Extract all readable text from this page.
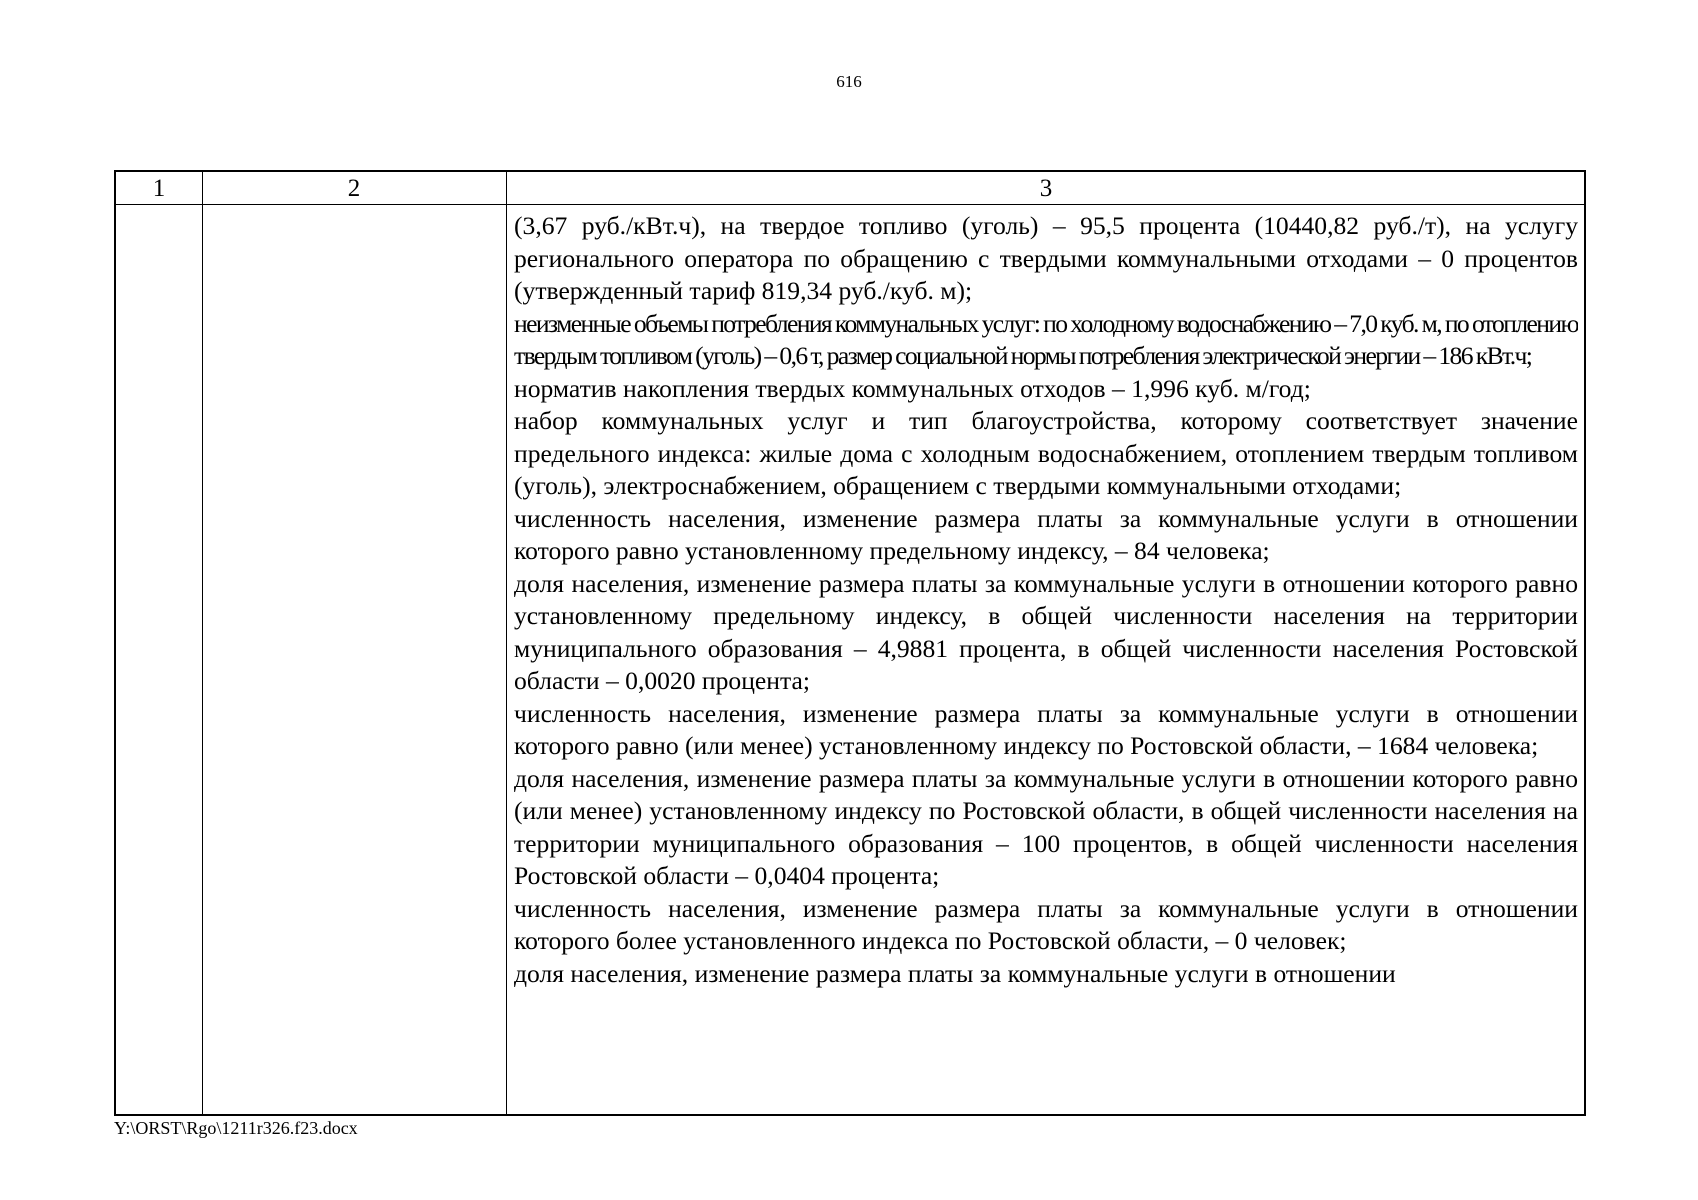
616
1	2	3

(3,67 руб./кВт.ч), на твердое топливо (уголь) – 95,5 процента (10440,82 руб./т), на услугу регионального оператора по обращению с твердыми коммунальными отходами – 0 процентов (утвержденный тариф 819,34 руб./куб. м);

неизменные объемы потребления коммунальных услуг: по холодному водоснабжению – 7,0 куб. м, по отоплению твердым топливом (уголь) – 0,6 т, размер социальной нормы потребления электрической энергии – 186 кВт.ч;

норматив накопления твердых коммунальных отходов – 1,996 куб. м/год;

набор коммунальных услуг и тип благоустройства, которому соответствует значение предельного индекса: жилые дома с холодным водоснабжением, отоплением твердым топливом (уголь), электроснабжением, обращением с твердыми коммунальными отходами;

численность населения, изменение размера платы за коммунальные услуги в отношении которого равно установленному предельному индексу, – 84 человека;

доля населения, изменение размера платы за коммунальные услуги в отношении которого равно установленному предельному индексу, в общей численности населения на территории муниципального образования – 4,9881 процента, в общей численности населения Ростовской области – 0,0020 процента;

численность населения, изменение размера платы за коммунальные услуги в отношении которого равно (или менее) установленному индексу по Ростовской области, – 1684 человека;

доля населения, изменение размера платы за коммунальные услуги в отношении которого равно (или менее) установленному индексу по Ростовской области, в общей численности населения на территории муниципального образования – 100 процентов, в общей численности населения Ростовской области – 0,0404 процента;

численность населения, изменение размера платы за коммунальные услуги в отношении которого более установленного индекса по Ростовской области, – 0 человек;

доля населения, изменение размера платы за коммунальные услуги в отношении

Y:\ORST\Rgo\1211r326.f23.docx
